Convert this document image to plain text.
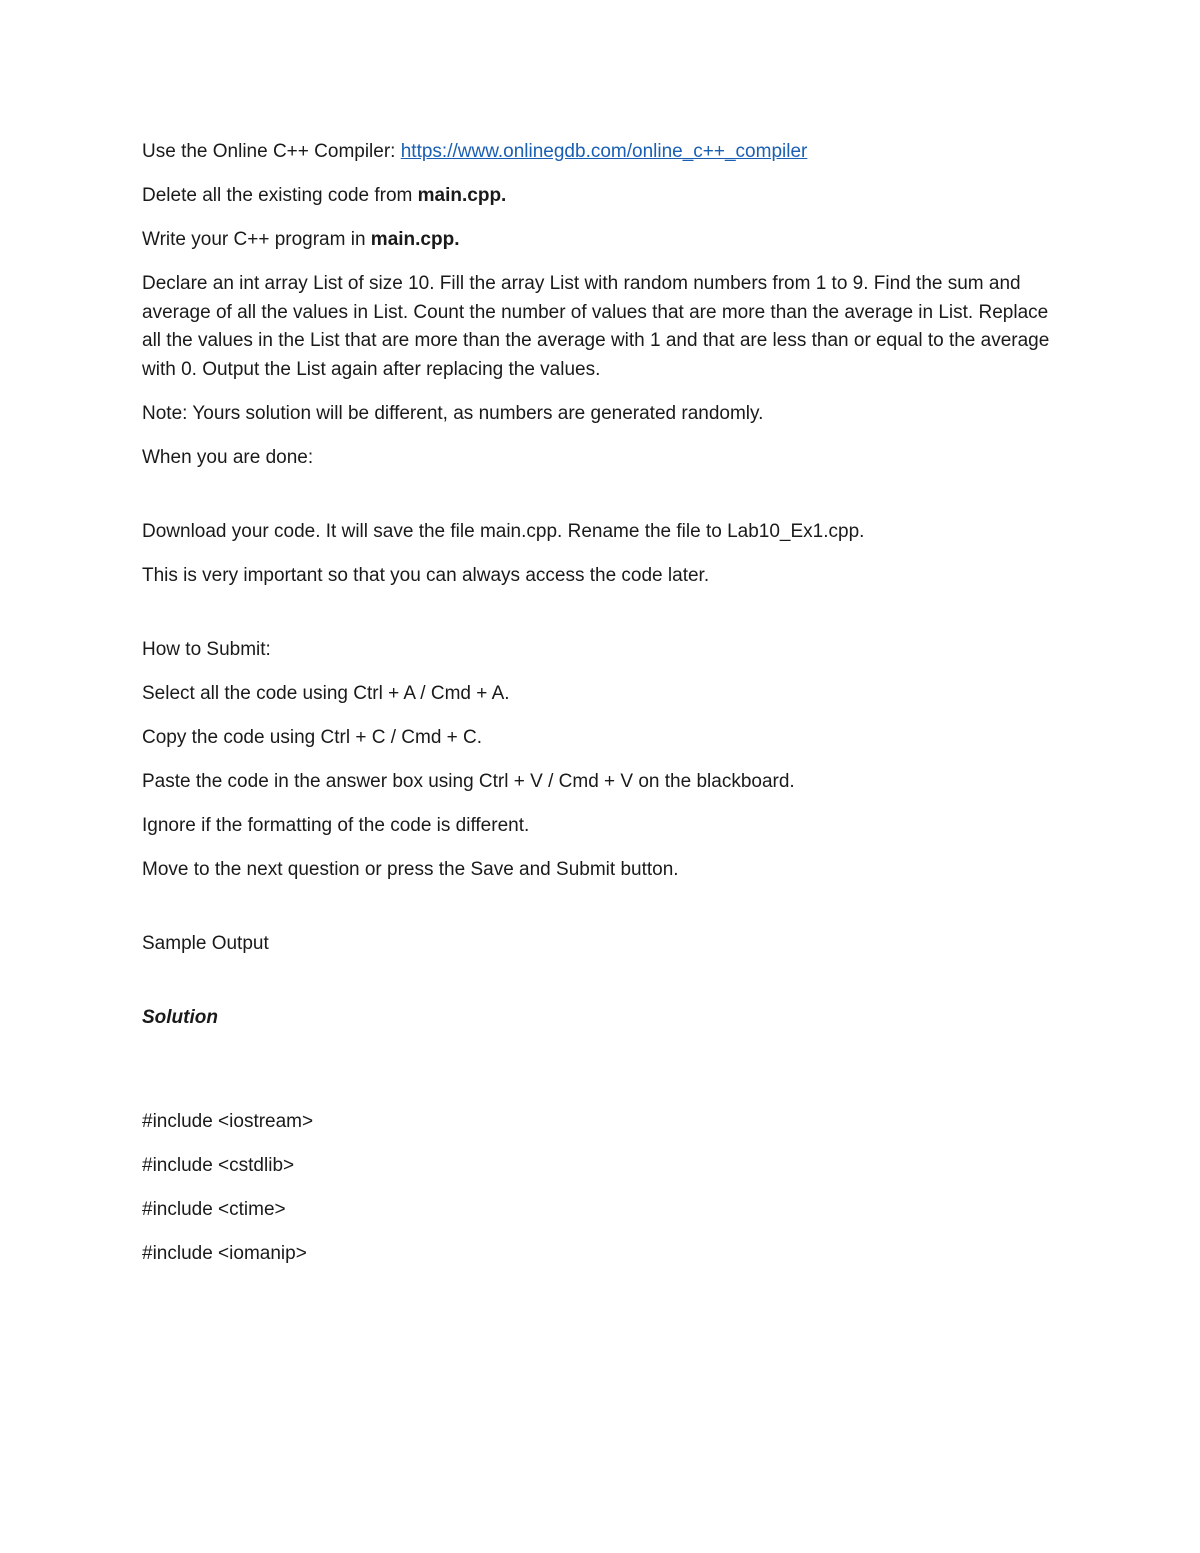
Use the Online C++ Compiler: https://www.onlinegdb.com/online_c++_compiler

Delete all the existing code from main.cpp.

Write your C++ program in main.cpp.

Declare an int array List of size 10. Fill the array List with random numbers from 1 to 9. Find the sum and average of all the values in List. Count the number of values that are more than the average in List. Replace all the values in the List that are more than the average with 1 and that are less than or equal to the average with 0. Output the List again after replacing the values.

Note: Yours solution will be different, as numbers are generated randomly.

When you are done:

Download your code. It will save the file main.cpp. Rename the file to Lab10_Ex1.cpp.

This is very important so that you can always access the code later.

How to Submit:

Select all the code using Ctrl + A / Cmd + A.

Copy the code using Ctrl + C / Cmd + C.

Paste the code in the answer box using Ctrl + V / Cmd + V on the blackboard.

Ignore if the formatting of the code is different.

Move to the next question or press the Save and Submit button.

Sample Output

Solution

#include <iostream>

#include <cstdlib>

#include <ctime>

#include <iomanip>
